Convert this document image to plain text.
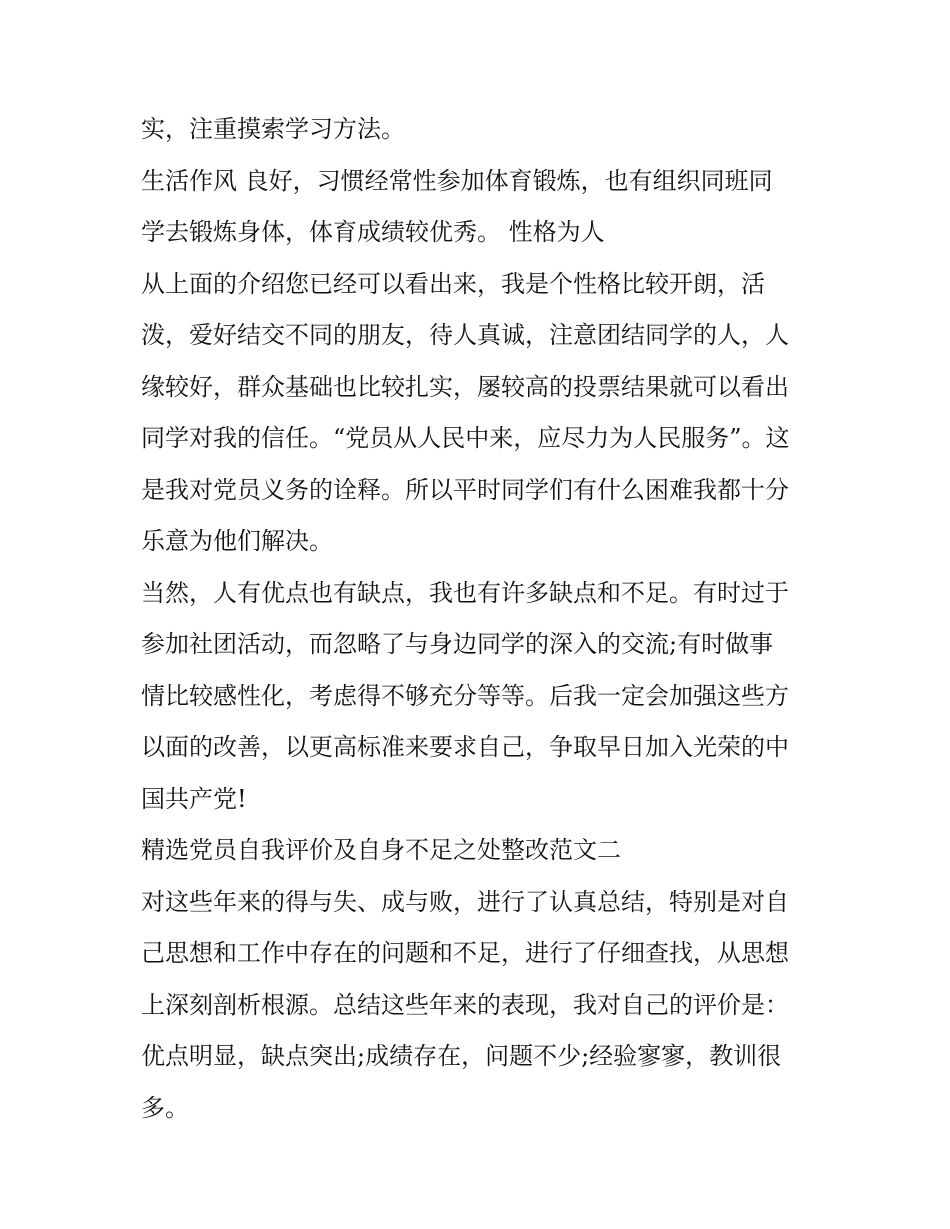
实，注重摸索学习方法。
生活作风 良好，习惯经常性参加体育锻炼，也有组织同班同
学去锻炼身体，体育成绩较优秀。 性格为人
从上面的介绍您已经可以看出来，我是个性格比较开朗，活
泼，爱好结交不同的朋友，待人真诚，注意团结同学的人，人
缘较好，群众基础也比较扎实，屡较高的投票结果就可以看出
同学对我的信任。“党员从人民中来，应尽力为人民服务”。这
是我对党员义务的诠释。所以平时同学们有什么困难我都十分
乐意为他们解决。
当然，人有优点也有缺点，我也有许多缺点和不足。有时过于
参加社团活动，而忽略了与身边同学的深入的交流;有时做事
情比较感性化，考虑得不够充分等等。后我一定会加强这些方
以面的改善，以更高标准来要求自己，争取早日加入光荣的中
国共产党!
精选党员自我评价及自身不足之处整改范文二
对这些年来的得与失、成与败，进行了认真总结，特别是对自
己思想和工作中存在的问题和不足，进行了仔细查找，从思想
上深刻剖析根源。总结这些年来的表现，我对自己的评价是：
优点明显，缺点突出;成绩存在，问题不少;经验寥寥，教训很
多。
